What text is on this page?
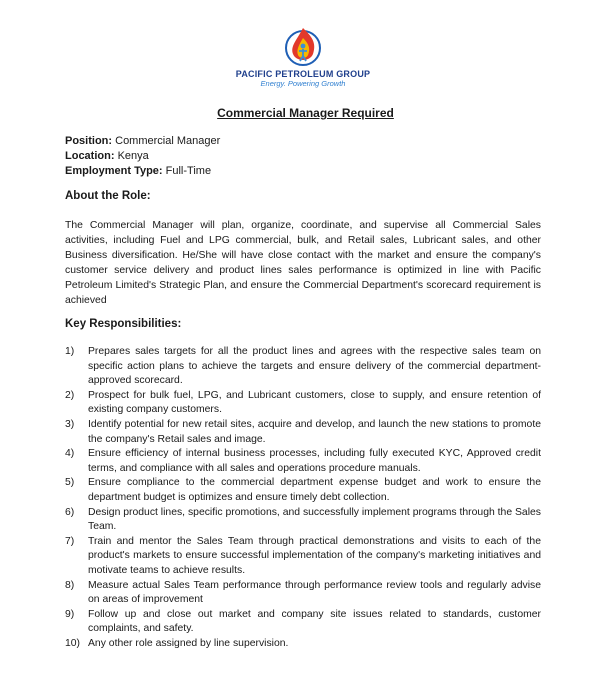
PACIFIC PETROLEUM GROUP
Energy. Powering Growth
Commercial Manager Required
Position: Commercial Manager
Location: Kenya
Employment Type: Full-Time
About the Role:
The Commercial Manager will plan, organize, coordinate, and supervise all Commercial Sales activities, including Fuel and LPG commercial, bulk, and Retail sales, Lubricant sales, and other Business diversification. He/She will have close contact with the market and ensure the company's customer service delivery and product lines sales performance is optimized in line with Pacific Petroleum Limited's Strategic Plan, and ensure the Commercial Department's scorecard requirement is achieved
Key Responsibilities:
1) Prepares sales targets for all the product lines and agrees with the respective sales team on specific action plans to achieve the targets and ensure delivery of the commercial department-approved scorecard.
2) Prospect for bulk fuel, LPG, and Lubricant customers, close to supply, and ensure retention of existing company customers.
3) Identify potential for new retail sites, acquire and develop, and launch the new stations to promote the company's Retail sales and image.
4) Ensure efficiency of internal business processes, including fully executed KYC, Approved credit terms, and compliance with all sales and operations procedure manuals.
5) Ensure compliance to the commercial department expense budget and work to ensure the department budget is optimizes and ensure timely debt collection.
6) Design product lines, specific promotions, and successfully implement programs through the Sales Team.
7) Train and mentor the Sales Team through practical demonstrations and visits to each of the product's markets to ensure successful implementation of the company's marketing initiatives and motivate teams to achieve results.
8) Measure actual Sales Team performance through performance review tools and regularly advise on areas of improvement
9) Follow up and close out market and company site issues related to standards, customer complaints, and safety.
10) Any other role assigned by line supervision.
